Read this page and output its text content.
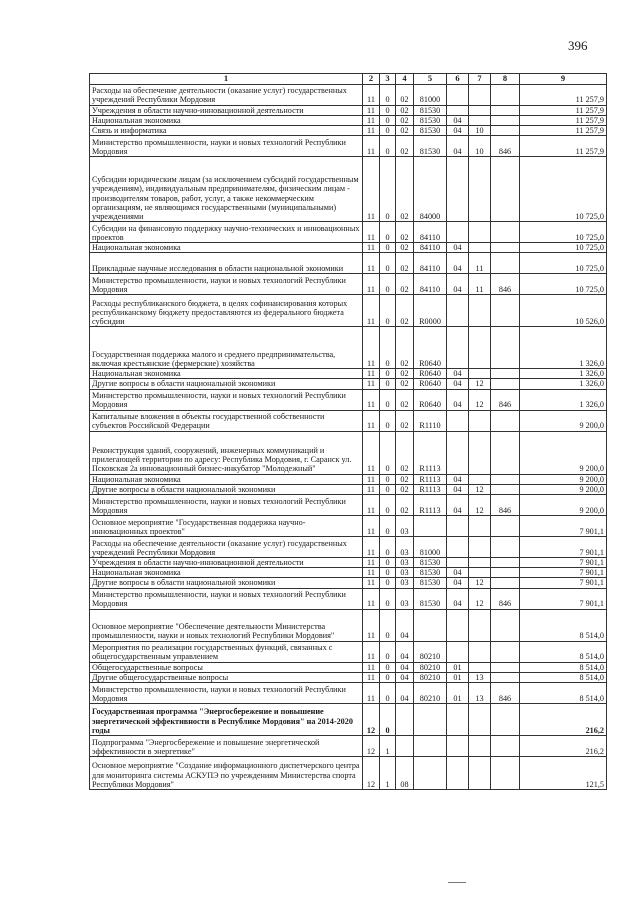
396
1	2	3	4	5	6	7	8	9
Расходы на обеспечение деятельности (оказание услуг) государственных учреждений Республики Мордовия	11	0	02	81000				11 257,9
Учреждения в области научно-инновационной деятельности	11	0	02	81530				11 257,9
Национальная экономика	11	0	02	81530	04			11 257,9
Связь и информатика	11	0	02	81530	04	10		11 257,9
Министерство промышленности, науки и новых технологий Республики Мордовия	11	0	02	81530	04	10	846	11 257,9
Субсидии юридическим лицам (за исключением субсидий государственным учреждениям), индивидуальным предпринимателям, физическим лицам - производителям товаров, работ, услуг, а также некоммерческим организациям, не являющимся государственными (муниципальными) учреждениями	11	0	02	84000				10 725,0
Субсидии на финансовую поддержку научно-технических и инновационных проектов	11	0	02	84110				10 725,0
Национальная экономика	11	0	02	84110	04			10 725,0
Прикладные научные исследования в области национальной экономики	11	0	02	84110	04	11		10 725,0
Министерство промышленности, науки и новых технологий Республики Мордовия	11	0	02	84110	04	11	846	10 725,0
Расходы республиканского бюджета, в целях софинансирования которых республиканскому бюджету предоставляются из федерального бюджета субсидии	11	0	02	R0000				10 526,0
Государственная поддержка малого и среднего предпринимательства, включая крестьянские (фермерские) хозяйства	11	0	02	R0640				1 326,0
Национальная экономика	11	0	02	R0640	04			1 326,0
Другие вопросы в области национальной экономики	11	0	02	R0640	04	12		1 326,0
Министерство промышленности, науки и новых технологий Республики Мордовия	11	0	02	R0640	04	12	846	1 326,0
Капитальные вложения в объекты государственной собственности субъектов Российской Федерации	11	0	02	R1110				9 200,0
Реконструкция зданий, сооружений, инженерных коммуникаций и прилегающей территории по адресу: Республика Мордовия, г. Саранск ул. Псковская 2а инновационный бизнес-инкубатор "Молодежный"	11	0	02	R1113				9 200,0
Национальная экономика	11	0	02	R1113	04			9 200,0
Другие вопросы в области национальной экономики	11	0	02	R1113	04	12		9 200,0
Министерство промышленности, науки и новых технологий Республики Мордовия	11	0	02	R1113	04	12	846	9 200,0
Основное мероприятие "Государственная поддержка научно-инновационных проектов"	11	0	03					7 901,1
Расходы на обеспечение деятельности (оказание услуг) государственных учреждений Республики Мордовия	11	0	03	81000				7 901,1
Учреждения в области научно-инновационной деятельности	11	0	03	81530				7 901,1
Национальная экономика	11	0	03	81530	04			7 901,1
Другие вопросы в области национальной экономики	11	0	03	81530	04	12		7 901,1
Министерство промышленности, науки и новых технологий Республики Мордовия	11	0	03	81530	04	12	846	7 901,1
Основное мероприятие "Обеспечение деятельности Министерства промышленности, науки и новых технологий Республики Мордовия"	11	0	04					8 514,0
Мероприятия по реализации государственных функций, связанных с общегосударственным управлением	11	0	04	80210				8 514,0
Общегосударственные вопросы	11	0	04	80210	01			8 514,0
Другие общегосударственные вопросы	11	0	04	80210	01	13		8 514,0
Министерство промышленности, науки и новых технологий Республики Мордовия	11	0	04	80210	01	13	846	8 514,0
Государственная программа "Энергосбережение и повышение энергетической эффективности в Республике Мордовия" на 2014-2020 годы	12	0						216,2
Подпрограмма "Энергосбережение и повышение энергетической эффективности в энергетике"	12	1						216,2
Основное мероприятие "Создание информационного диспетчерского центра для мониторинга системы АСКУПЭ по учреждениям Министерства спорта Республики Мордовия"	12	1	08					121,5
